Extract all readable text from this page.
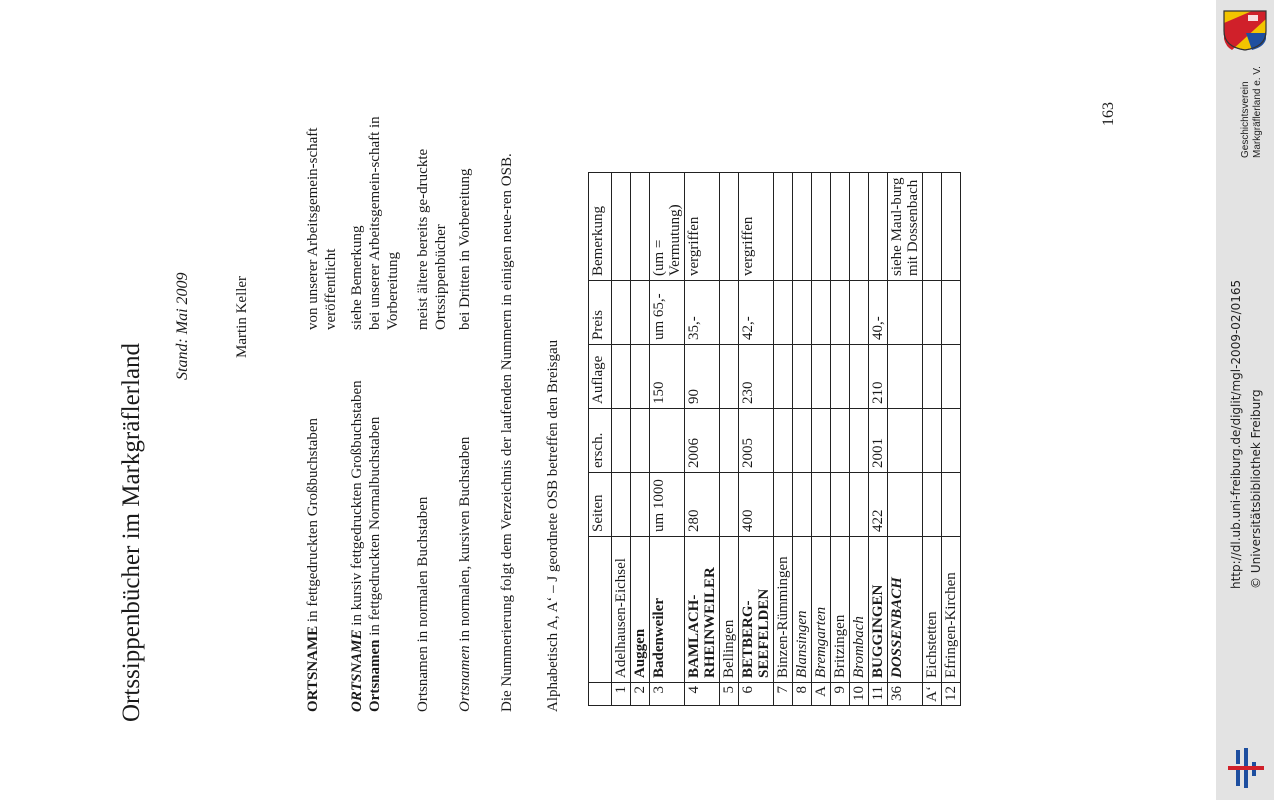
Ortssippenbücher im Markgräflerland
Stand: Mai 2009	Martin Keller
ORTSNAME in fettgedruckten Großbuchstaben
von unserer Arbeitsgemein-schaft veröffentlicht
ORTSNAME in kursiv fettgedruckten Großbuchstaben
siehe Bemerkung
Ortsnamen in fettgedruckten Normalbuchstaben
bei unserer Arbeitsgemein-schaft in Vorbereitung
Ortsnamen in normalen Buchstaben
meist ältere bereits ge-druckte Ortssippenbücher
Ortsnamen in normalen, kursiven Buchstaben
bei Dritten in Vorbereitung Die Nummerierung folgt dem Verzeichnis der laufenden Nummern in einigen neue-ren OSB. Alphabetisch A, A‘ – J geordnete OSB betreffen den Breisgau
		Seiten	ersch.	Auflage	Preis	Bemerkung
1	Adelhausen-Eichsel					
2	Auggen					
3	Badenweiler	um 1000		150	um 65,-	(um = Vermutung)
4	BAMLACH-RHEINWEILER	280	2006	90	35,-	vergriffen
5	Bellingen					
6	BETBERG-SEEFELDEN	400	2005	230	42,-	vergriffen
7	Binzen-Rümmingen					
8	Blansingen					
A	Bremgarten					
9	Britzingen					
10	Brombach					
11	BUGGINGEN	422	2001	210	40,-	
36	DOSSENBACH					siehe Maul-burg mit Dossenbach
A‘	Eichstetten					
12	Efringen-Kirchen					
163
http://dl.ub.uni-freiburg.de/diglit/mgl-2009-02/0165 © Universitätsbibliothek Freiburg
Geschichtsverein Markgräflerland e. V.
